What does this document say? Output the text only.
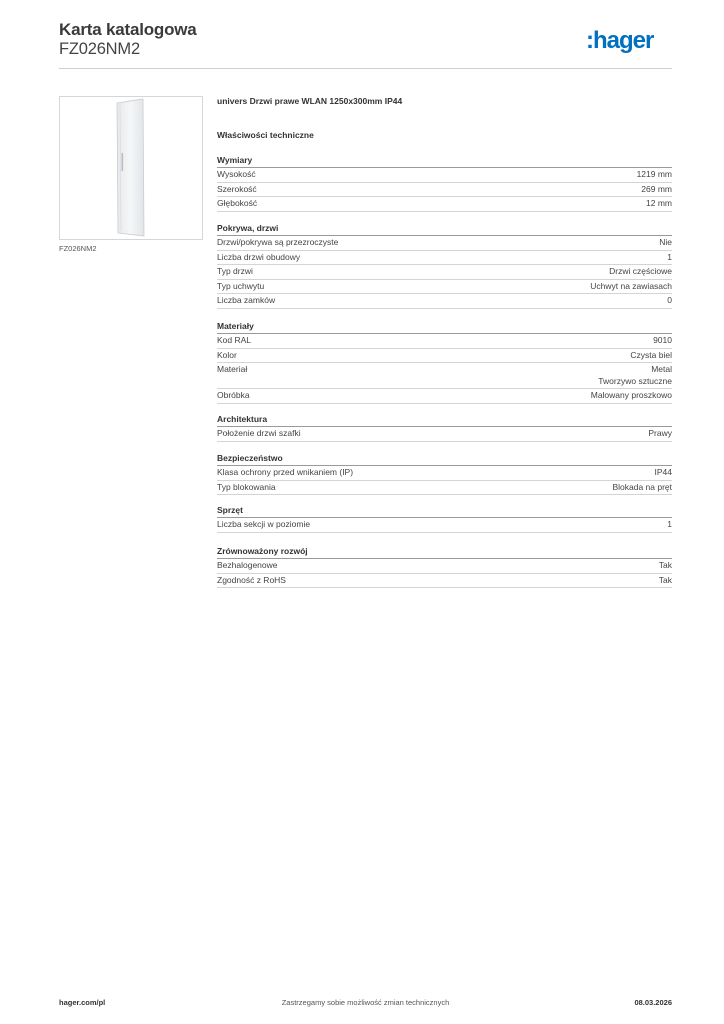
Karta katalogowa
FZ026NM2	:hager
FZ026NM2
univers Drzwi prawe WLAN 1250x300mm IP44
Właściwości techniczne
Wymiary
Wysokość	1219 mm
Szerokość	269 mm
Głębokość	12 mm
Pokrywa, drzwi
Drzwi/pokrywa są przezroczyste	Nie
Liczba drzwi obudowy	1
Typ drzwi	Drzwi częściowe
Typ uchwytu	Uchwyt na zawiasach
Liczba zamków	0
Materiały
Kod RAL	9010
Kolor	Czysta biel
Materiał	Metal
Tworzywo sztuczne
Obróbka	Malowany proszkowo
Architektura
Położenie drzwi szafki	Prawy
Bezpieczeństwo
Klasa ochrony przed wnikaniem (IP)	IP44
Typ blokowania	Blokada na pręt
Sprzęt
Liczba sekcji w poziomie	1
Zrównoważony rozwój
Bezhalogenowe	Tak
Zgodność z RoHS	Tak
Zastrzegamy sobie możliwość zmian technicznych
hager.com/pl	08.03.2026
